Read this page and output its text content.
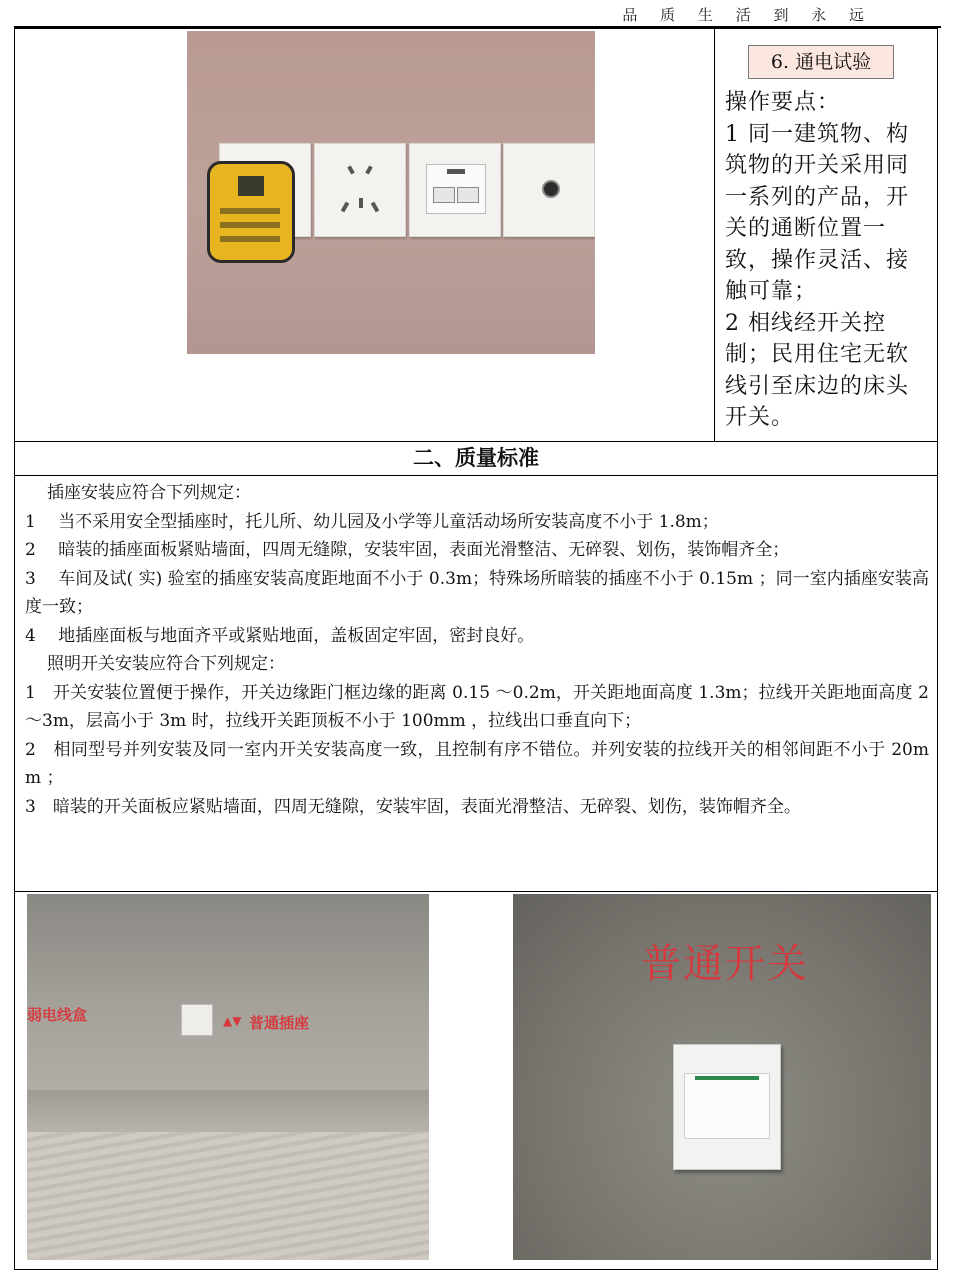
品 质 生 活 到 永 远
6. 通电试验

操作要点：

1 同一建筑物、构筑物的开关采用同一系列的产品，开关的通断位置一致，操作灵活、接触可靠；

2 相线经开关控制；民用住宅无软线引至床边的床头开关。

二、质量标准

插座安装应符合下列规定：

1　 当不采用安全型插座时，托儿所、幼儿园及小学等儿童活动场所安装高度不小于 1.8m；

2　 暗装的插座面板紧贴墙面，四周无缝隙，安装牢固，表面光滑整洁、无碎裂、划伤，装饰帽齐全；

3　 车间及试( 实) 验室的插座安装高度距地面不小于 0.3m；特殊场所暗装的插座不小于 0.15m ；同一室内插座安装高度一致；

4　 地插座面板与地面齐平或紧贴地面，盖板固定牢固，密封良好。

照明开关安装应符合下列规定：

1　开关安装位置便于操作，开关边缘距门框边缘的距离 0.15 ～0.2m，开关距地面高度 1.3m；拉线开关距地面高度 2 ～3m，层高小于 3m 时，拉线开关距顶板不小于 100mm ，拉线出口垂直向下；

2　相同型号并列安装及同一室内开关安装高度一致，且控制有序不错位。并列安装的拉线开关的相邻间距不小于 20m m ；

3　暗装的开关面板应紧贴墙面，四周无缝隙，安装牢固，表面光滑整洁、无碎裂、划伤，装饰帽齐全。

弱电线盒	▲▼ 普通插座
普通开关
